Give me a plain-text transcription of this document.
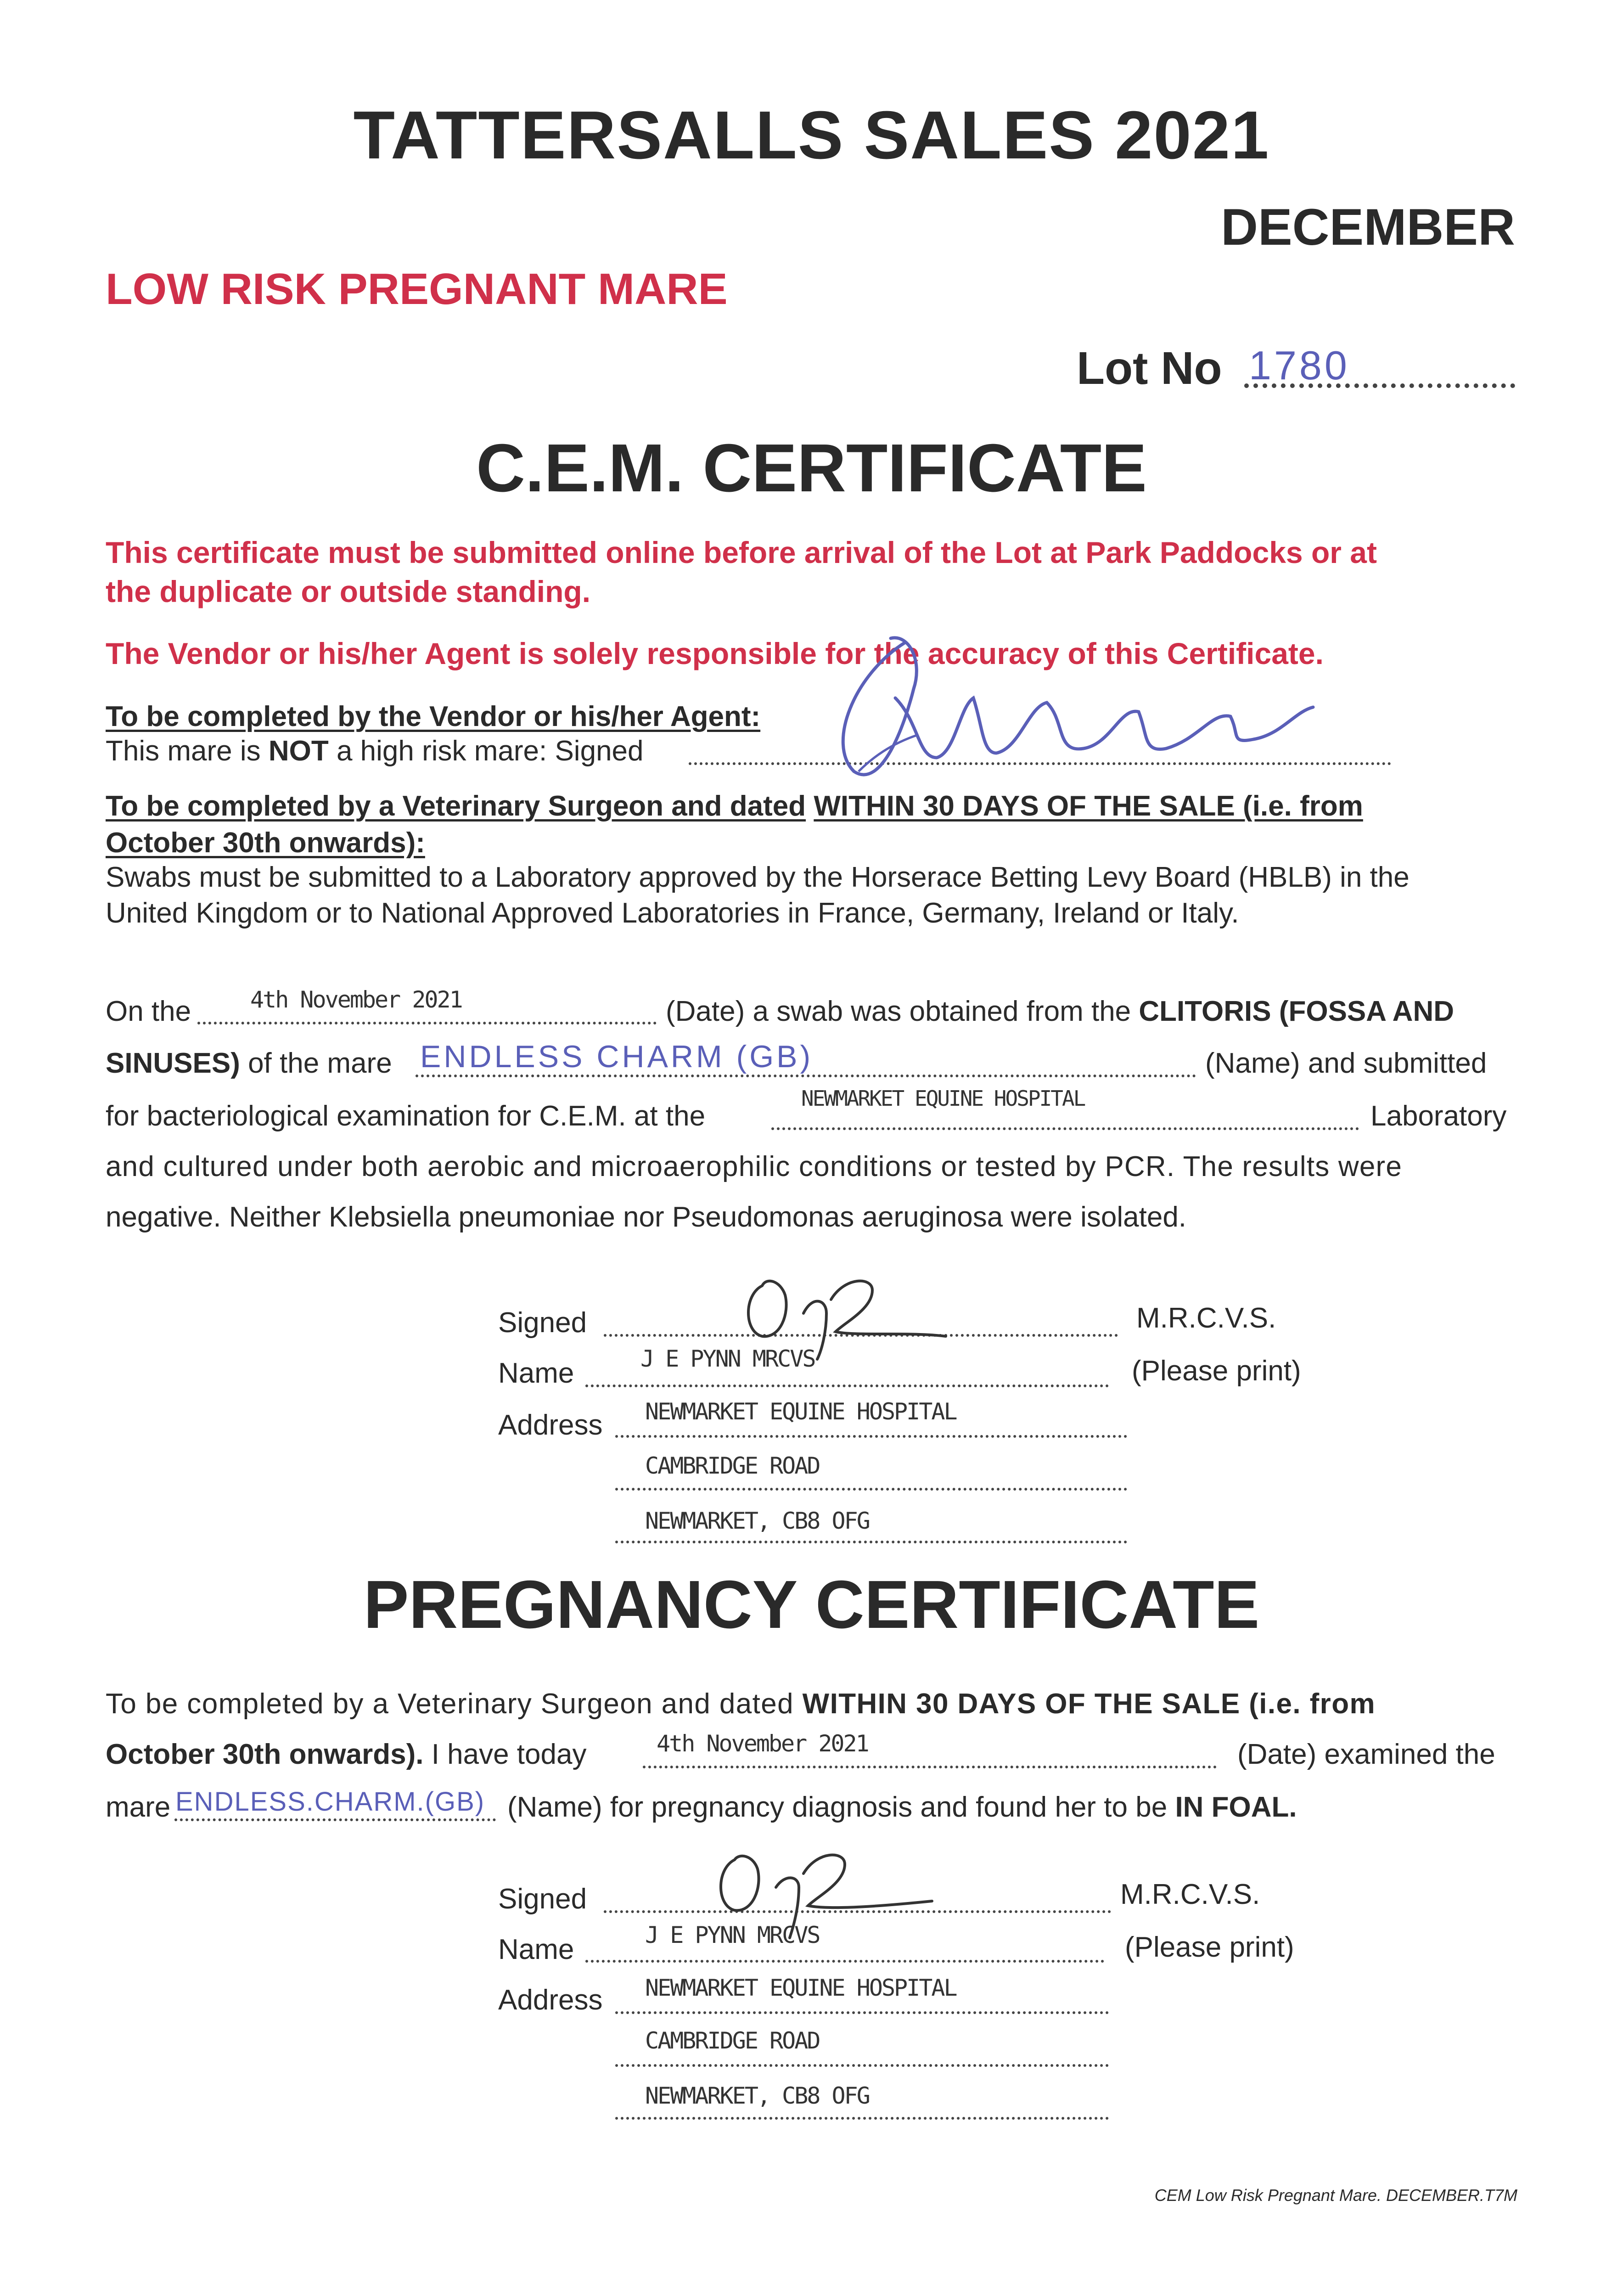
TATTERSALLS SALES 2021
DECEMBER
LOW RISK PREGNANT MARE
Lot No 1780
C.E.M. CERTIFICATE
This certificate must be submitted online before arrival of the Lot at Park Paddocks or at
the duplicate or outside standing.
The Vendor or his/her Agent is solely responsible for the accuracy of this Certificate.
To be completed by the Vendor or his/her Agent:
This mare is NOT a high risk mare: Signed
To be completed by a Veterinary Surgeon and dated WITHIN 30 DAYS OF THE SALE (i.e. from
October 30th onwards):
Swabs must be submitted to a Laboratory approved by the Horserace Betting Levy Board (HBLB) in the
United Kingdom or to National Approved Laboratories in France, Germany, Ireland or Italy.
On the	4th November 2021	(Date) a swab was obtained from the CLITORIS (FOSSA AND
SINUSES) of the mare ENDLESS CHARM (GB)	(Name) and submitted
for bacteriological examination for C.E.M. at the
NEWMARKET EQUINE HOSPITAL
Laboratory
and cultured under both aerobic and microaerophilic conditions or tested by PCR. The results were
negative. Neither Klebsiella pneumoniae nor Pseudomonas aeruginosa were isolated.
Signed	M.R.C.V.S.
Name	J E PYNN MRCVS	(Please print)
Address NEWMARKET EQUINE HOSPITAL
CAMBRIDGE ROAD
NEWMARKET, CB8 OFG
PREGNANCY CERTIFICATE
To be completed by a Veterinary Surgeon and dated WITHIN 30 DAYS OF THE SALE (i.e. from
October 30th onwards). I have today	4th November 2021	(Date) examined the
mare ENDLESS.CHARM.(GB) (Name) for pregnancy diagnosis and found her to be IN FOAL.
Signed	M.R.C.V.S.
Name	J E PYNN MRCVS	(Please print)
Address NEWMARKET EQUINE HOSPITAL
CAMBRIDGE ROAD
NEWMARKET, CB8 OFG
CEM Low Risk Pregnant Mare. DECEMBER.T7M
